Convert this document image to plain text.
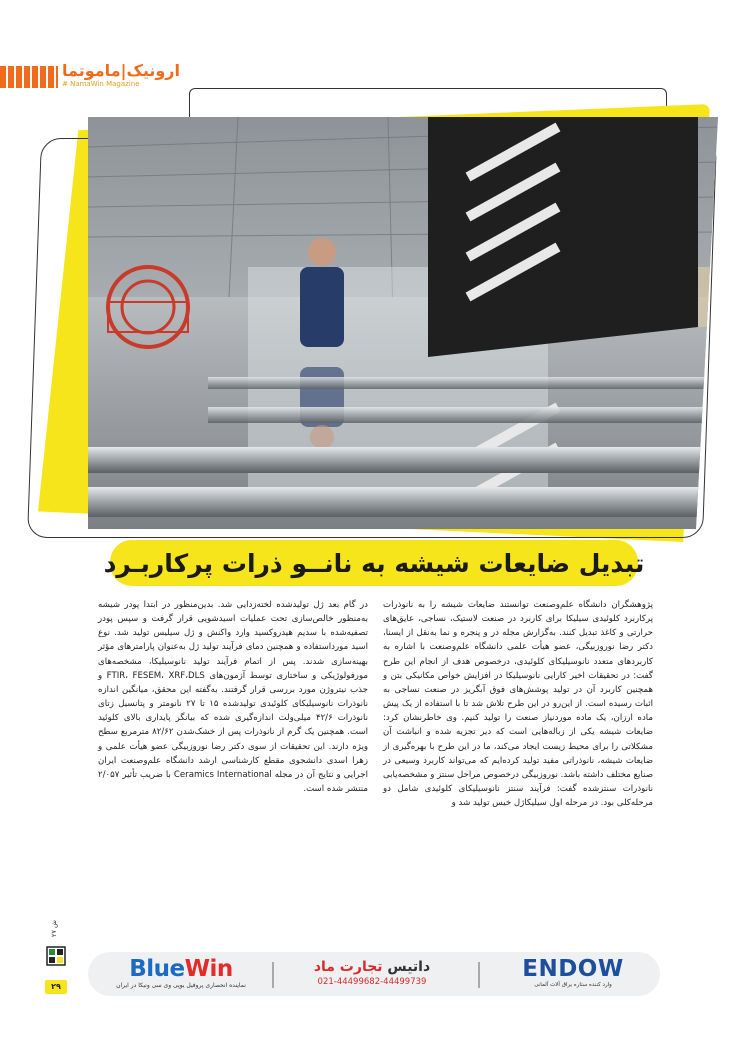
ارونیک|ماموتما
# NamaWin Magazine
تبدیل ضایعات شیشه به نانــو ذرات پرکاربـرد

پژوهشگران دانشگاه علم‌وصنعت توانستند ضایعات شیشه را به نانوذرات پرکاربرد کلوئیدی سیلیکا برای کاربرد در صنعت لاستیک، نساجی، عایق‌های حرارتی و کاغذ تبدیل کنند. به‌گزارش مجله در و پنجره و نما به‌نقل از ایسنا، دکتر رضا نوروزبیگی، عضو هیأت علمی دانشگاه علم‌وصنعت با اشاره به کاربردهای متعدد نانوسیلیکای کلوئیدی، درخصوص هدف از انجام این طرح گفت: در تحقیقات اخیر کارایی نانوسیلیکا در افزایش خواص مکانیکی بتن و همچنین کاربرد آن در تولید پوشش‌های فوق آبگریز در صنعت نساجی به اثبات رسیده است. از این‌رو در این طرح تلاش شد تا با استفاده از یک پیش ماده ارزان، یک ماده موردنیاز صنعت را تولید کنیم. وی خاطرنشان کرد: ضایعات شیشه یکی از زباله‌هایی است که دیر تجزیه شده و انباشت آن مشکلاتی را برای محیط زیست ایجاد می‌کند، ما در این طرح با بهره‌گیری از ضایعات شیشه، نانوذراتی مفید تولید کرده‌ایم که می‌تواند کاربرد وسیعی در صنایع مختلف داشته باشد. نوروزبیگی درخصوص مراحل سنتز و مشخصه‌یابی نانوذرات سنتزشده گفت: فرآیند سنتز نانوسیلیکای کلوئیدی شامل دو مرحله‌کلی بود. در مرحله اول سیلیکاژل خیس تولید شد و

در گام بعد ژل تولیدشده لخته‌زدایی شد. بدین‌منظور در ابتدا پودر شیشه به‌منظور خالص‌سازی تحت عملیات اسیدشویی قرار گرفت و سپس پودر تصفیه‌شده با سدیم هیدروکسید وارد واکنش و ژل سیلیس تولید شد. نوع اسید مورداستفاده و همچنین دمای فرآیند تولید ژل به‌عنوان پارامترهای مؤثر بهینه‌سازی شدند. پس از اتمام فرآیند تولید نانوسیلیکا، مشخصه‌های مورفولوژیکی و ساختاری توسط آزمون‌های FTIR، FESEM، XRF،DLS و جذب نیتروژن مورد بررسی قرار گرفتند. به‌گفته این محقق، میانگین اندازه نانوذرات نانوسیلیکای کلوئیدی تولیدشده ۱۵ تا ۲۷ نانومتر و پتانسیل زتای نانوذرات ۴۲/۶ میلی‌ولت اندازه‌گیری شده که بیانگر پایداری بالای کلوئید است. همچنین یک گرم از نانوذرات پس از خشک‌شدن ۸۲/۶۲ مترمربع سطح ویژه دارند. این تحقیقات از سوی دکتر رضا نوروزبیگی عضو هیأت علمی و زهرا اسدی دانشجوی مقطع کارشناسی ارشد دانشگاه علم‌وصنعت ایران اجرایی و نتایج آن در مجله Ceramics International با ضریب تأثیر ۲/۰۵۷ منتشر شده است.

ش ۲۷
۲۹
BlueWin
نماینده انحصاری پروفیل یوپی وی سی ونیکا در ایران
داتیس تجارت ماد
021-44499682-44499739	ENDOW
وارد کننده ستاره یراق آلات آلمانی
